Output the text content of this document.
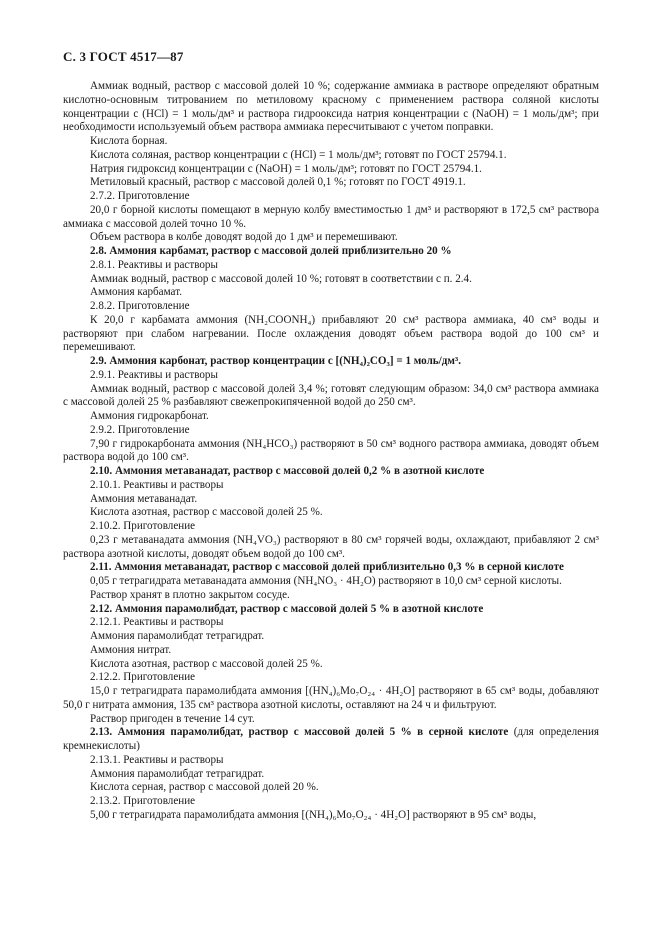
С. 3 ГОСТ 4517—87

Аммиак водный, раствор с массовой долей 10 %; содержание аммиака в растворе определяют обратным кислотно-основным титрованием по метиловому красному с применением раствора соляной кислоты концентрации c (HCl) = 1 моль/дм³ и раствора гидрооксида натрия концентрации c (NaOH) = 1 моль/дм³; при необходимости используемый объем раствора аммиака пересчитывают с учетом поправки.

Кислота борная.

Кислота соляная, раствор концентрации c (HCl) = 1 моль/дм³; готовят по ГОСТ 25794.1.

Натрия гидроксид концентрации c (NaOH) = 1 моль/дм³; готовят по ГОСТ 25794.1.

Метиловый красный, раствор с массовой долей 0,1 %; готовят по ГОСТ 4919.1.

2.7.2. Приготовление

20,0 г борной кислоты помещают в мерную колбу вместимостью 1 дм³ и растворяют в 172,5 см³ раствора аммиака с массовой долей точно 10 %.

Объем раствора в колбе доводят водой до 1 дм³ и перемешивают.

2.8. Аммония карбамат, раствор с массовой долей приблизительно 20 %

2.8.1. Реактивы и растворы

Аммиак водный, раствор с массовой долей 10 %; готовят в соответствии с п. 2.4.

Аммония карбамат.

2.8.2. Приготовление

К 20,0 г карбамата аммония (NH₂COONH₄) прибавляют 20 см³ раствора аммиака, 40 см³ воды и растворяют при слабом нагревании. После охлаждения доводят объем раствора водой до 100 см³ и перемешивают.

2.9. Аммония карбонат, раствор концентрации c [(NH₄)₂CO₃] = 1 моль/дм³.

2.9.1. Реактивы и растворы

Аммиак водный, раствор с массовой долей 3,4 %; готовят следующим образом: 34,0 см³ раствора аммиака с массовой долей 25 % разбавляют свежепрокипяченной водой до 250 см³.

Аммония гидрокарбонат.

2.9.2. Приготовление

7,90 г гидрокарбоната аммония (NH₄HCO₃) растворяют в 50 см³ водного раствора аммиака, доводят объем раствора водой до 100 см³.

2.10. Аммония метаванадат, раствор с массовой долей 0,2 % в азотной кислоте

2.10.1. Реактивы и растворы

Аммония метаванадат.

Кислота азотная, раствор с массовой долей 25 %.

2.10.2. Приготовление

0,23 г метаванадата аммония (NH₄VO₃) растворяют в 80 см³ горячей воды, охлаждают, прибавляют 2 см³ раствора азотной кислоты, доводят объем водой до 100 см³.

2.11. Аммония метаванадат, раствор с массовой долей приблизительно 0,3 % в серной кислоте

0,05 г тетрагидрата метаванадата аммония (NH₄NO₃ · 4H₂O) растворяют в 10,0 см³ серной кислоты.

Раствор хранят в плотно закрытом сосуде.

2.12. Аммония парамолибдат, раствор с массовой долей 5 % в азотной кислоте

2.12.1. Реактивы и растворы

Аммония парамолибдат тетрагидрат.

Аммония нитрат.

Кислота азотная, раствор с массовой долей 25 %.

2.12.2. Приготовление

15,0 г тетрагидрата парамолибдата аммония [(HN₄)₆Mo₇O₂₄ · 4H₂O] растворяют в 65 см³ воды, добавляют 50,0 г нитрата аммония, 135 см³ раствора азотной кислоты, оставляют на 24 ч и фильтруют.

Раствор пригоден в течение 14 сут.

2.13. Аммония парамолибдат, раствор с массовой долей 5 % в серной кислоте (для определения кремнекислоты)

2.13.1. Реактивы и растворы

Аммония парамолибдат тетрагидрат.

Кислота серная, раствор с массовой долей 20 %.

2.13.2. Приготовление

5,00 г тетрагидрата парамолибдата аммония [(NH₄)₆Mo₇O₂₄ · 4H₂O] растворяют в 95 см³ воды,
